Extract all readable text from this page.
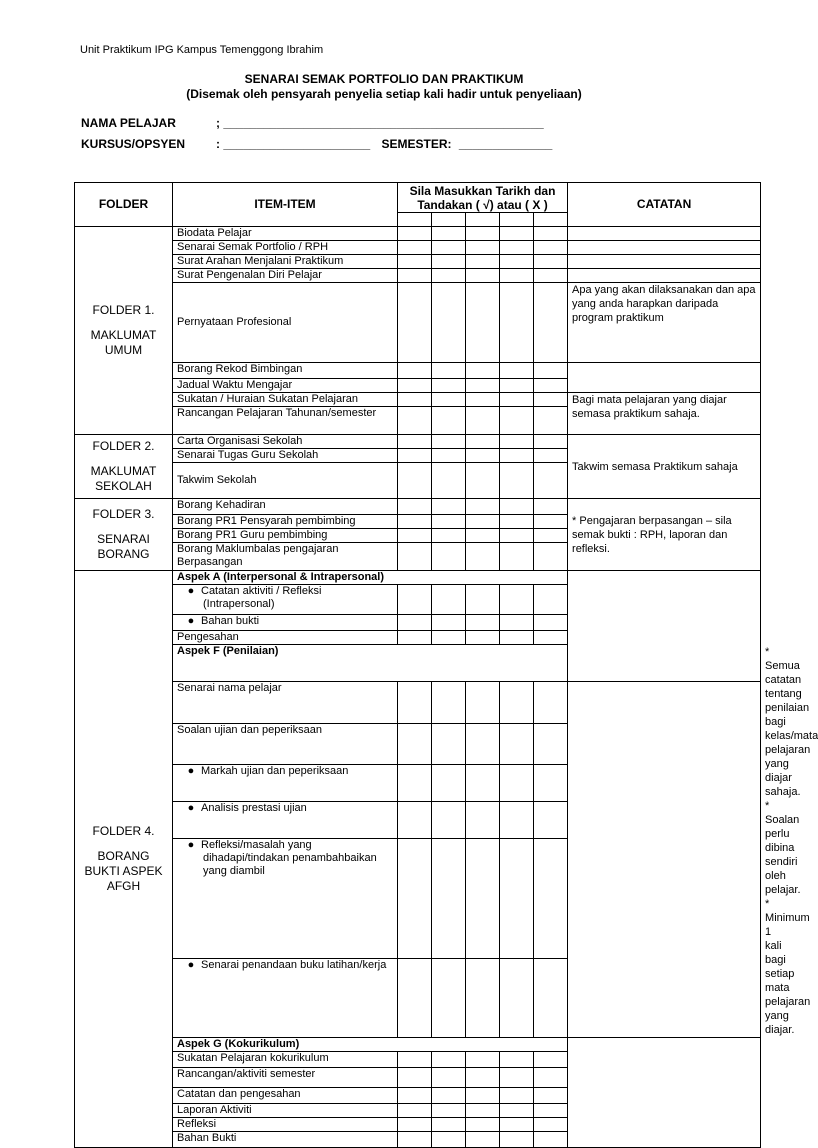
Unit Praktikum IPG Kampus Temenggong Ibrahim
SENARAI SEMAK PORTFOLIO DAN PRAKTIKUM
(Disemak oleh pensyarah penyelia setiap kali hadir untuk penyeliaan)
NAMA PELAJAR	; ________________________________________________
KURSUS/OPSYEN	: ______________________ SEMESTER: ______________
FOLDER	ITEM-ITEM	Sila Masukkan Tarikh dan Tandakan ( √) atau ( X )					CATATAN	

FOLDER 1.
MAKLUMAT UMUM	Biodata Pelajar							
	Senarai Semak Portfolio / RPH							
	Surat Arahan Menjalani Praktikum							
	Surat Pengenalan Diri Pelajar							
	Pernyataan Profesional						Apa yang akan dilaksanakan dan apa yang anda harapkan daripada program praktikum	
	Borang Rekod Bimbingan							
	Jadual Waktu Mengajar							
	Sukatan / Huraian Sukatan Pelajaran						Bagi mata pelajaran yang diajar semasa praktikum sahaja.	
	Rancangan Pelajaran Tahunan/semester							

FOLDER 2.
MAKLUMAT SEKOLAH	Carta Organisasi Sekolah						Takwim semasa Praktikum sahaja	
	Senarai Tugas Guru Sekolah							
	Takwim Sekolah							

FOLDER 3.
SENARAI BORANG	Borang Kehadiran						* Pengajaran berpasangan – sila semak bukti : RPH, laporan dan refleksi.	
	Borang PR1 Pensyarah pembimbing							
	Borang PR1 Guru pembimbing							
	Borang Maklumbalas pengajaran Berpasangan							

FOLDER 4.
BORANG BUKTI ASPEK AFGH	Aspek A (Interpersonal & Intrapersonal)							
	● Catatan aktiviti / Refleksi (Intrapersonal)							
	● Bahan bukti							
	Pengesahan							
	Aspek F (Penilaian)							* Semua catatan tentang penilaian bagi kelas/mata pelajaran yang diajar sahaja.
* Soalan perlu dibina sendiri oleh pelajar.
* Minimum 1 kali bagi setiap mata pelajaran yang diajar.
	Senarai nama pelajar							
	Soalan ujian dan peperiksaan							
	● Markah ujian dan peperiksaan							
	● Analisis prestasi ujian							
	● Refleksi/masalah yang dihadapi/tindakan penambahbaikan yang diambil							
	● Senarai penandaan buku latihan/kerja							
	Aspek G (Kokurikulum)							
	Sukatan Pelajaran kokurikulum							
	Rancangan/aktiviti semester							
	Catatan dan pengesahan							
	Laporan Aktiviti							
	Refleksi							
	Bahan Bukti							
